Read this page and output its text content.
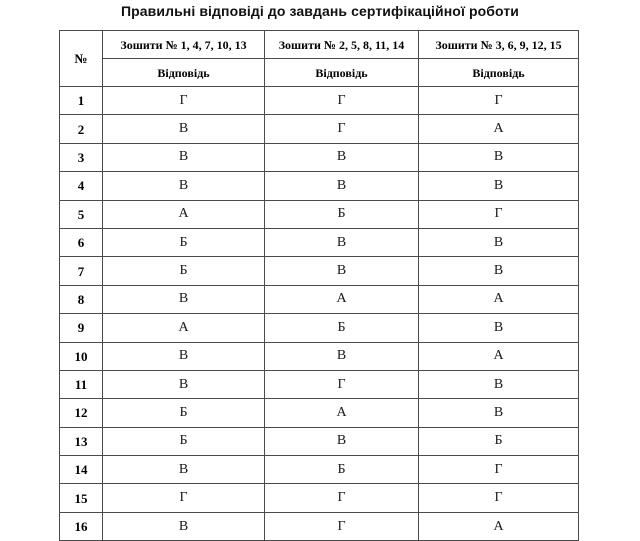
Правильні відповіді до завдань сертифікаційної роботи
№	Зошити № 1, 4, 7, 10, 13	Зошити № 2, 5, 8, 11, 14	Зошити № 3, 6, 9, 12, 15
	Відповідь	Відповідь	Відповідь
1	Г	Г	Г
2	В	Г	А
3	В	В	В
4	В	В	В
5	А	Б	Г
6	Б	В	В
7	Б	В	В
8	В	А	А
9	А	Б	В
10	В	В	А
11	В	Г	В
12	Б	А	В
13	Б	В	Б
14	В	Б	Г
15	Г	Г	Г
16	В	Г	А
